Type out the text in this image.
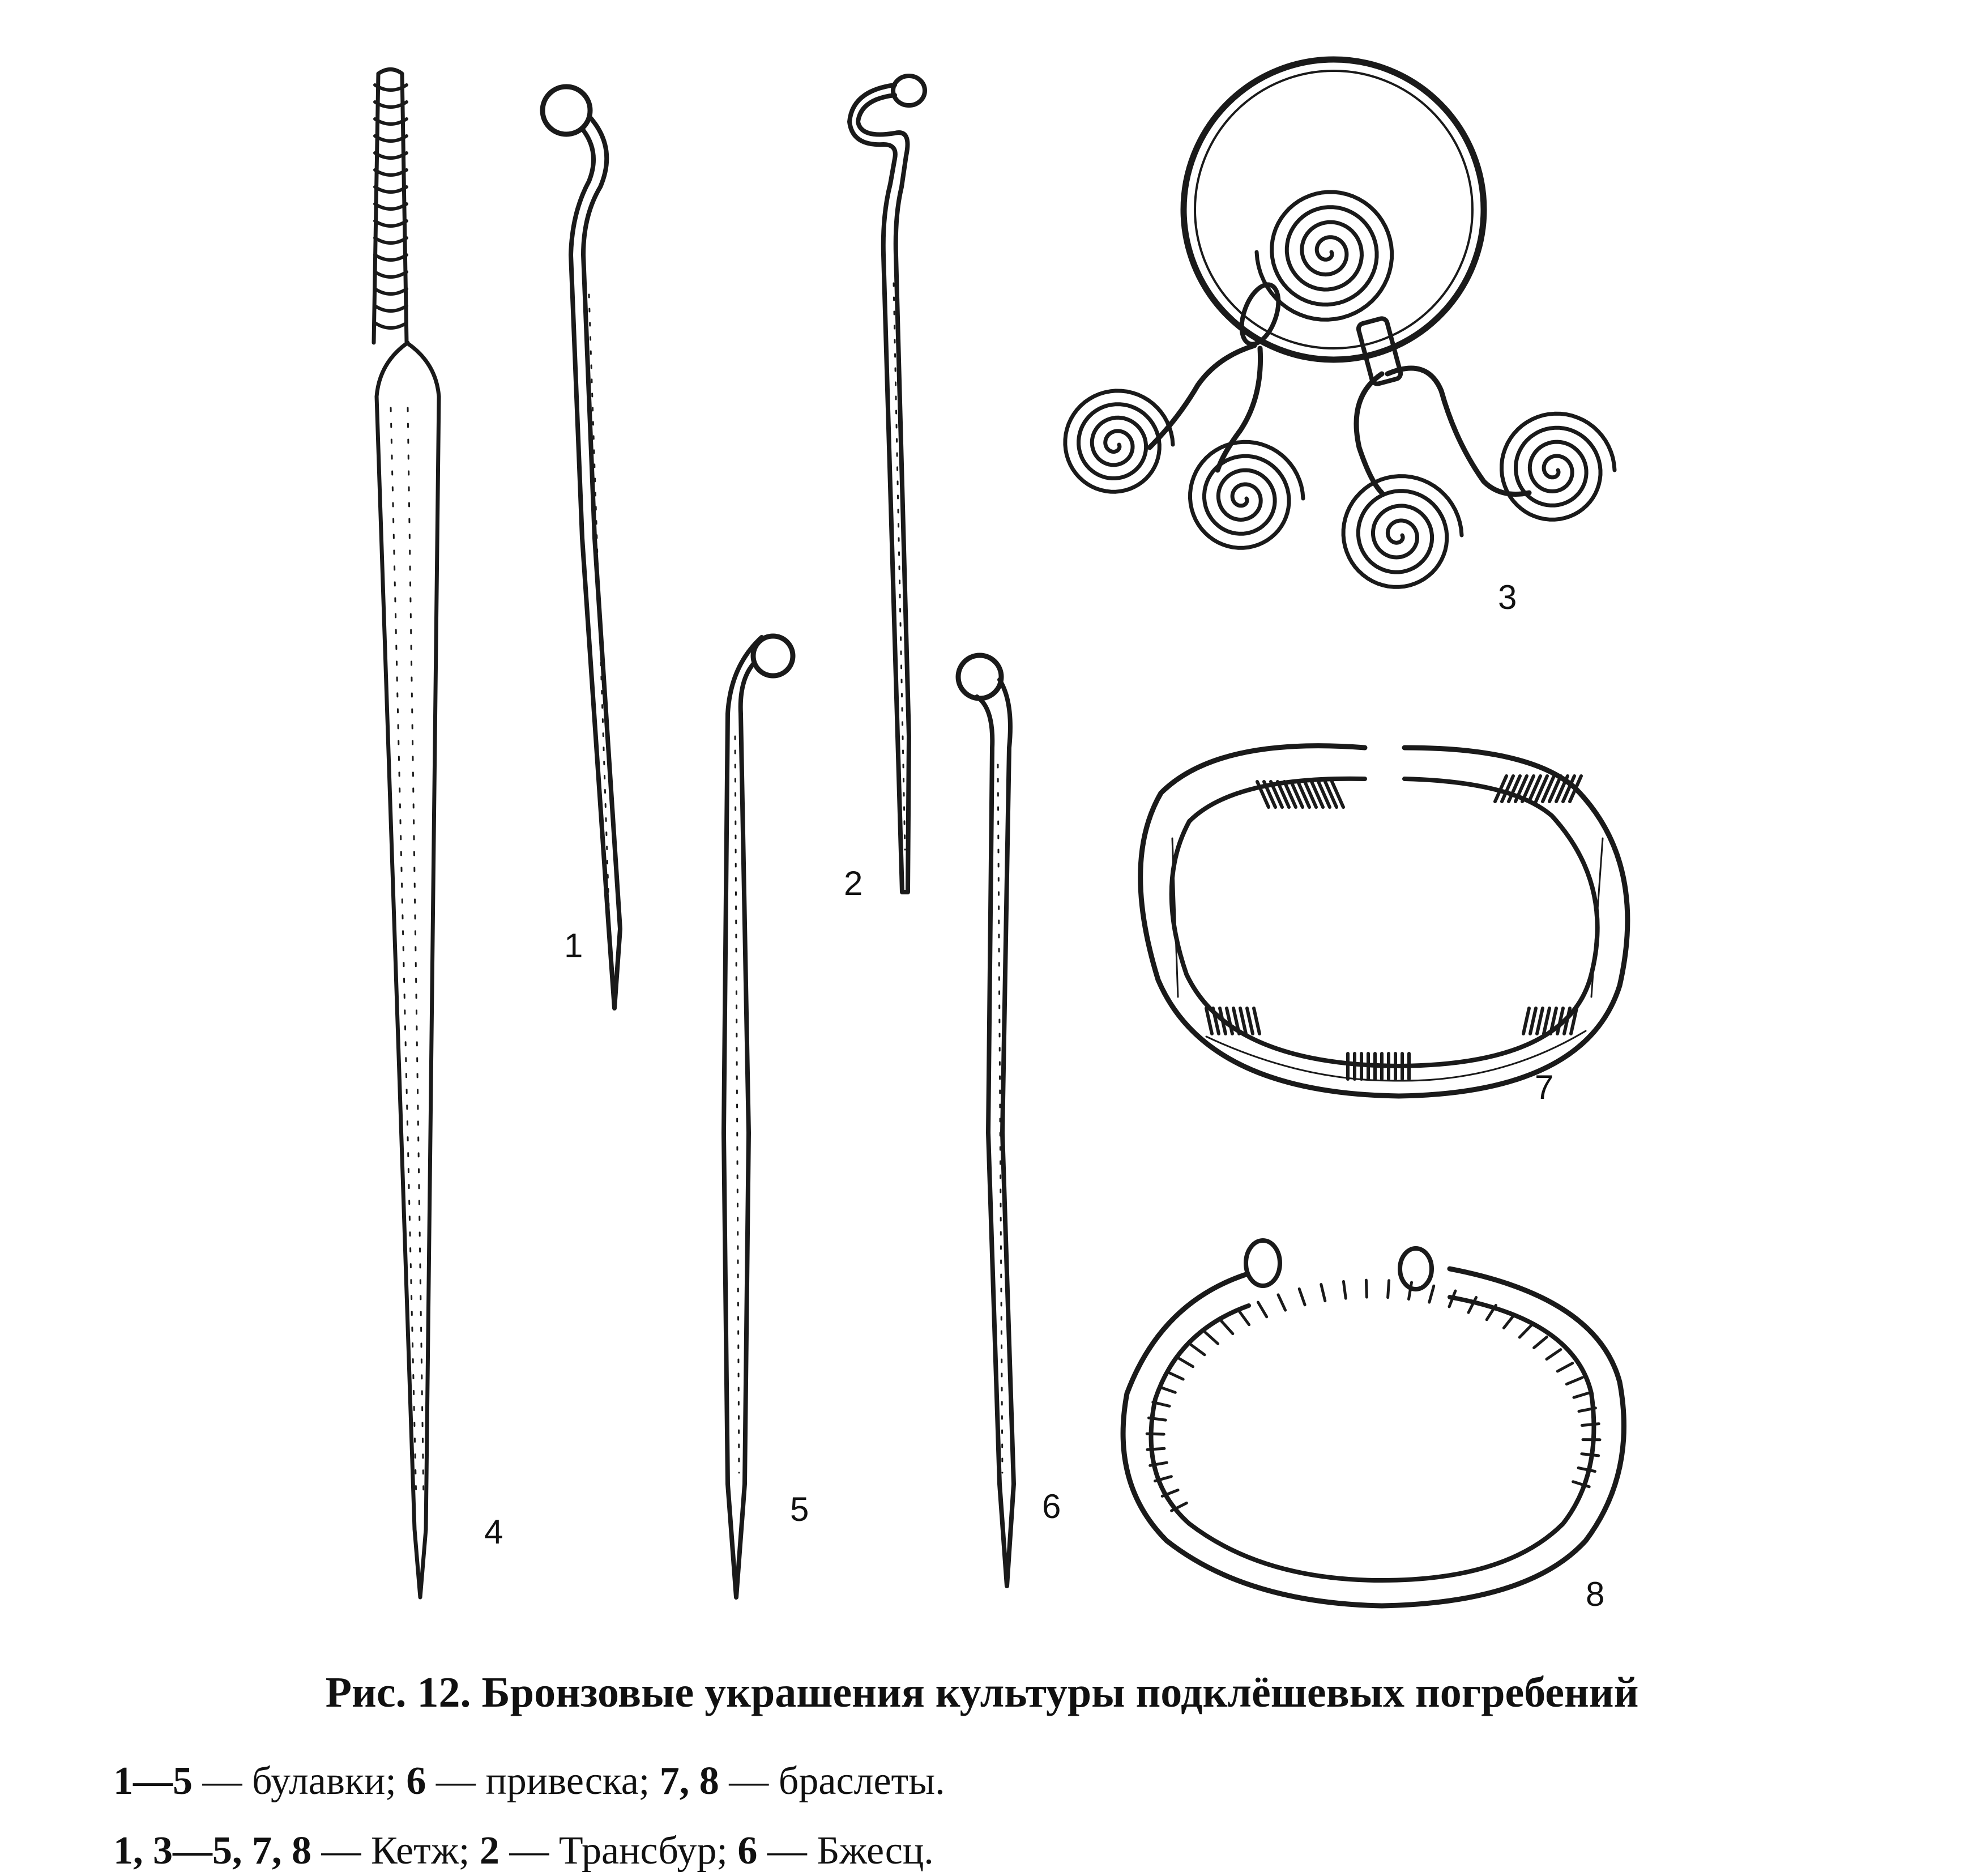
1
2
3
4
5	6
7
8
Рис. 12. Бронзовые украшения культуры подклёшевых погребений
1—5 — булавки; 6 — привеска; 7, 8 — браслеты.
1, 3—5, 7, 8 — Кетж; 2 — Трансбур; 6 — Бжесц.
